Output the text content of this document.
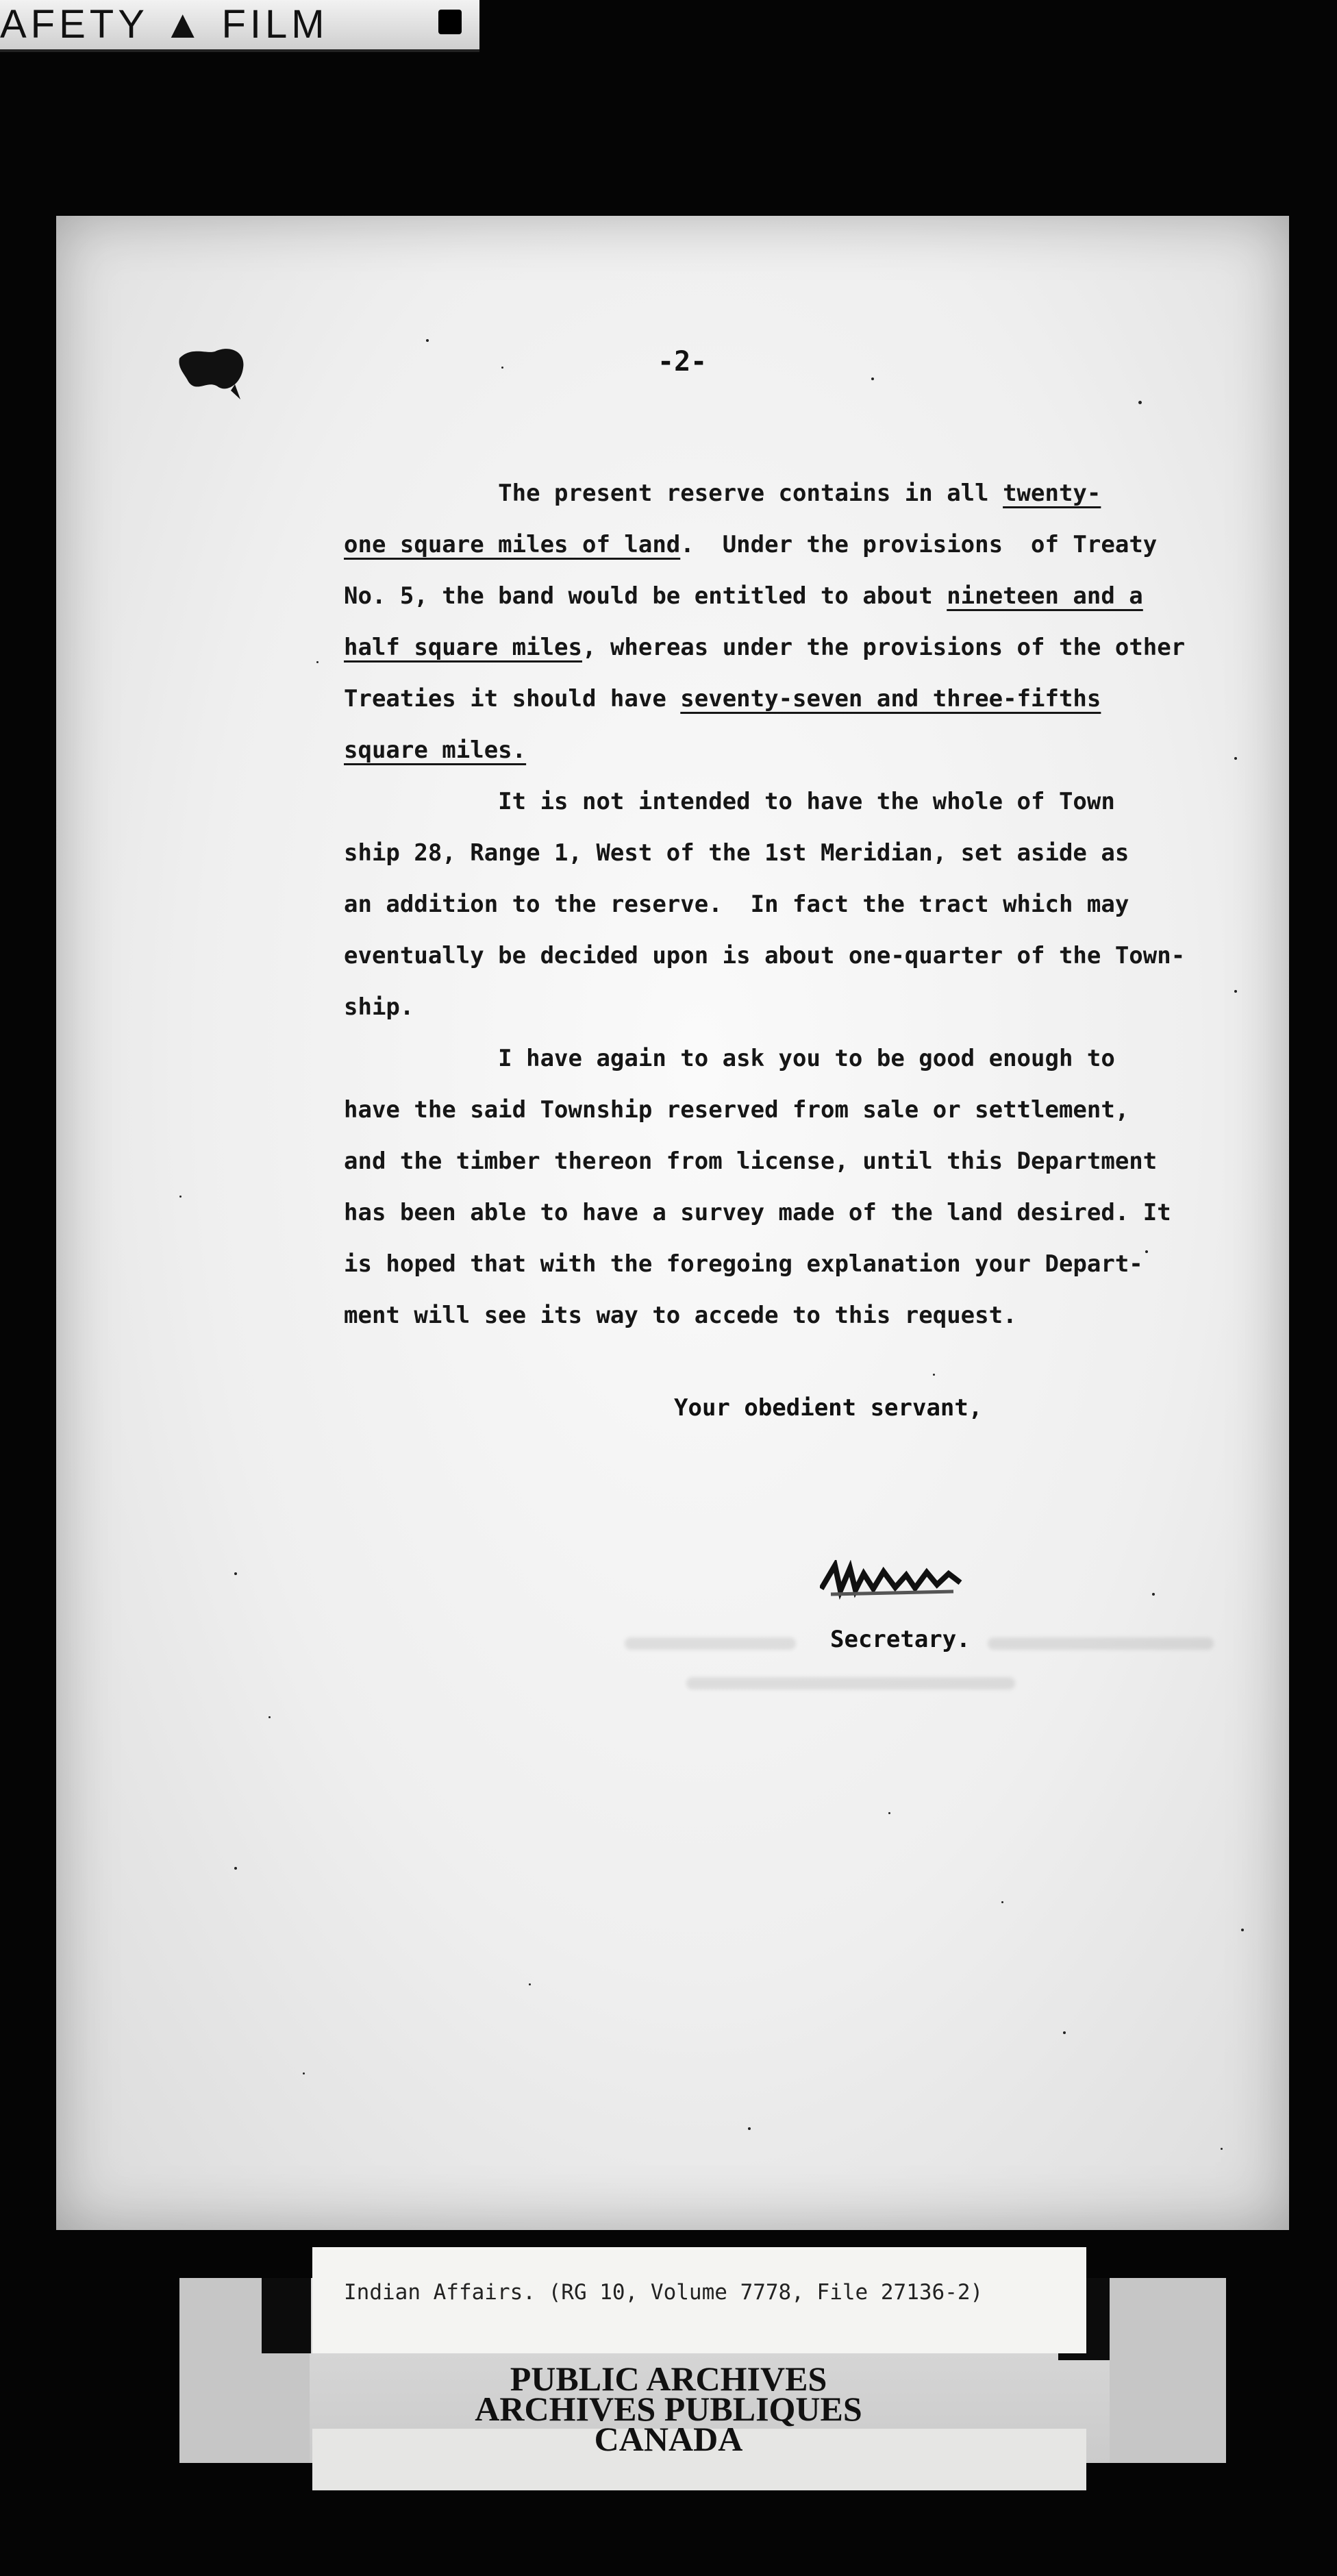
AFETY ▲ FILM
-2-
The present reserve contains in all twenty-
one square miles of land.  Under the provisions  of Treaty
No. 5, the band would be entitled to about nineteen and a
half square miles, whereas under the provisions of the other
Treaties it should have seventy-seven and three-fifths
square miles.
It is not intended to have the whole of Town
ship 28, Range 1, West of the 1st Meridian, set aside as
an addition to the reserve.  In fact the tract which may
eventually be decided upon is about one-quarter of the Town-
ship.
I have again to ask you to be good enough to
have the said Township reserved from sale or settlement,
and the timber thereon from license, until this Department
has been able to have a survey made of the land desired. It
is hoped that with the foregoing explanation your Depart-
ment will see its way to accede to this request.
Your obedient servant,
Secretary.
Indian Affairs. (RG 10, Volume 7778, File 27136-2)
PUBLIC ARCHIVES
ARCHIVES PUBLIQUES
CANADA
